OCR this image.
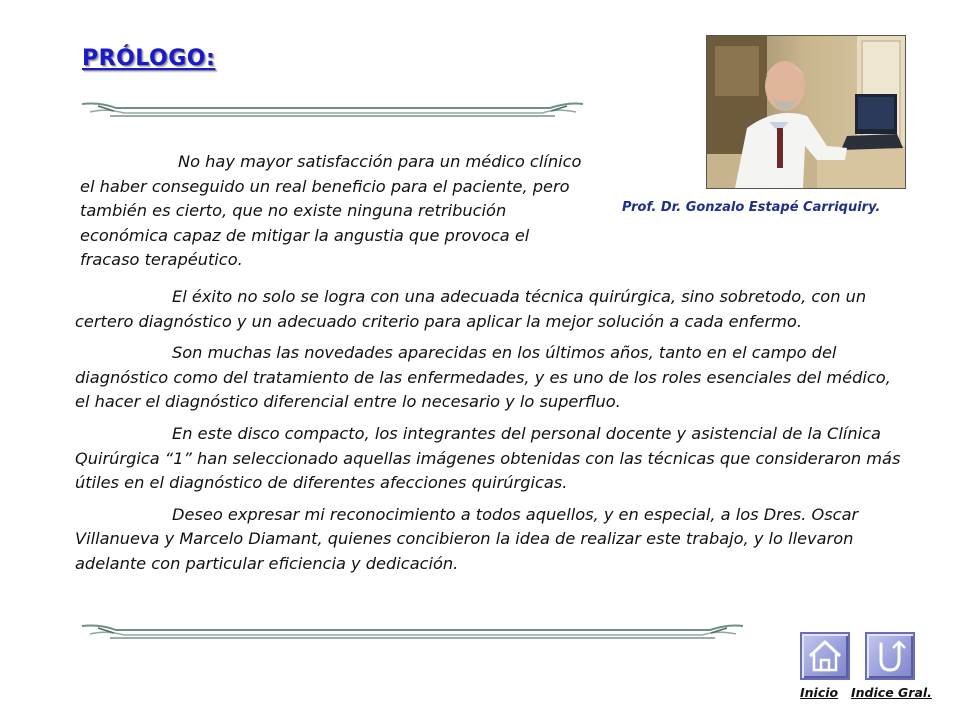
PRÓLOGO:

No hay mayor satisfacción para un médico clínico el haber conseguido un real beneficio para el paciente, pero también es cierto, que no existe ninguna retribución económica capaz de mitigar la angustia que provoca el fracaso terapéutico.

Prof. Dr. Gonzalo Estapé Carriquiry.

El éxito no solo se logra con una adecuada técnica quirúrgica, sino sobretodo, con un certero diagnóstico y un adecuado criterio para aplicar la mejor solución a cada enfermo.

Son muchas las novedades aparecidas en los últimos años, tanto en el campo del diagnóstico como del tratamiento de las enfermedades, y es uno de los roles esenciales del médico, el hacer el diagnóstico diferencial entre lo necesario y lo superfluo.

En este disco compacto, los integrantes del personal docente y asistencial de la Clínica Quirúrgica “1” han seleccionado aquellas imágenes obtenidas con las técnicas que consideraron más útiles en el diagnóstico de diferentes afecciones quirúrgicas.

Deseo expresar mi reconocimiento a todos aquellos, y en especial, a los Dres. Oscar Villanueva y Marcelo Diamant, quienes concibieron la idea de realizar este trabajo, y lo llevaron adelante con particular eficiencia y dedicación.

Inicio Indice Gral.
